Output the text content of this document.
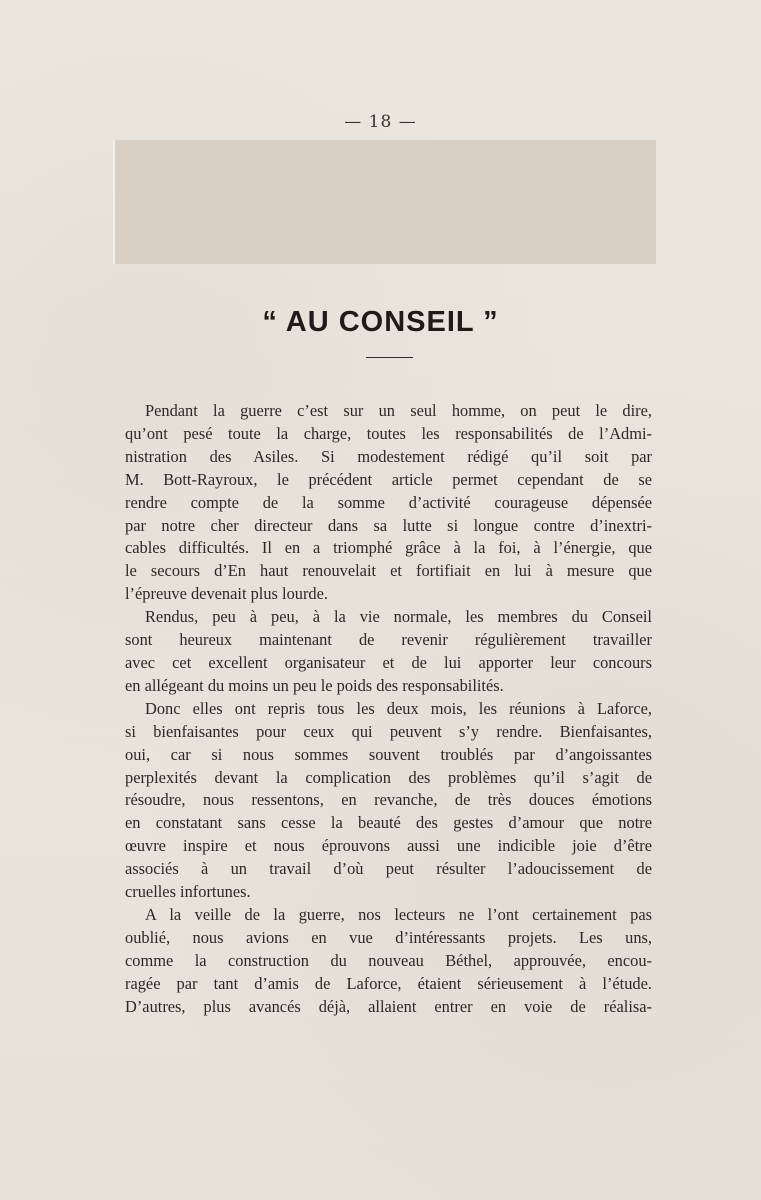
— 18 —
“ AU CONSEIL ”
Pendant la guerre c’est sur un seul homme, on peut le dire,
qu’ont pesé toute la charge, toutes les responsabilités de l’Admi-
nistration des Asiles. Si modestement rédigé qu’il soit par
M. Bott-Rayroux, le précédent article permet cependant de se
rendre compte de la somme d’activité courageuse dépensée
par notre cher directeur dans sa lutte si longue contre d’inextri-
cables difficultés. Il en a triomphé grâce à la foi, à l’énergie, que
le secours d’En haut renouvelait et fortifiait en lui à mesure que
l’épreuve devenait plus lourde.
Rendus, peu à peu, à la vie normale, les membres du Conseil
sont heureux maintenant de revenir régulièrement travailler
avec cet excellent organisateur et de lui apporter leur concours
en allégeant du moins un peu le poids des responsabilités.
Donc elles ont repris tous les deux mois, les réunions à Laforce,
si bienfaisantes pour ceux qui peuvent s’y rendre. Bienfaisantes,
oui, car si nous sommes souvent troublés par d’angoissantes
perplexités devant la complication des problèmes qu’il s’agit de
résoudre, nous ressentons, en revanche, de très douces émotions
en constatant sans cesse la beauté des gestes d’amour que notre
œuvre inspire et nous éprouvons aussi une indicible joie d’être
associés à un travail d’où peut résulter l’adoucissement de
cruelles infortunes.
A la veille de la guerre, nos lecteurs ne l’ont certainement pas
oublié, nous avions en vue d’intéressants projets. Les uns,
comme la construction du nouveau Béthel, approuvée, encou-
ragée par tant d’amis de Laforce, étaient sérieusement à l’étude.
D’autres, plus avancés déjà, allaient entrer en voie de réalisa-
